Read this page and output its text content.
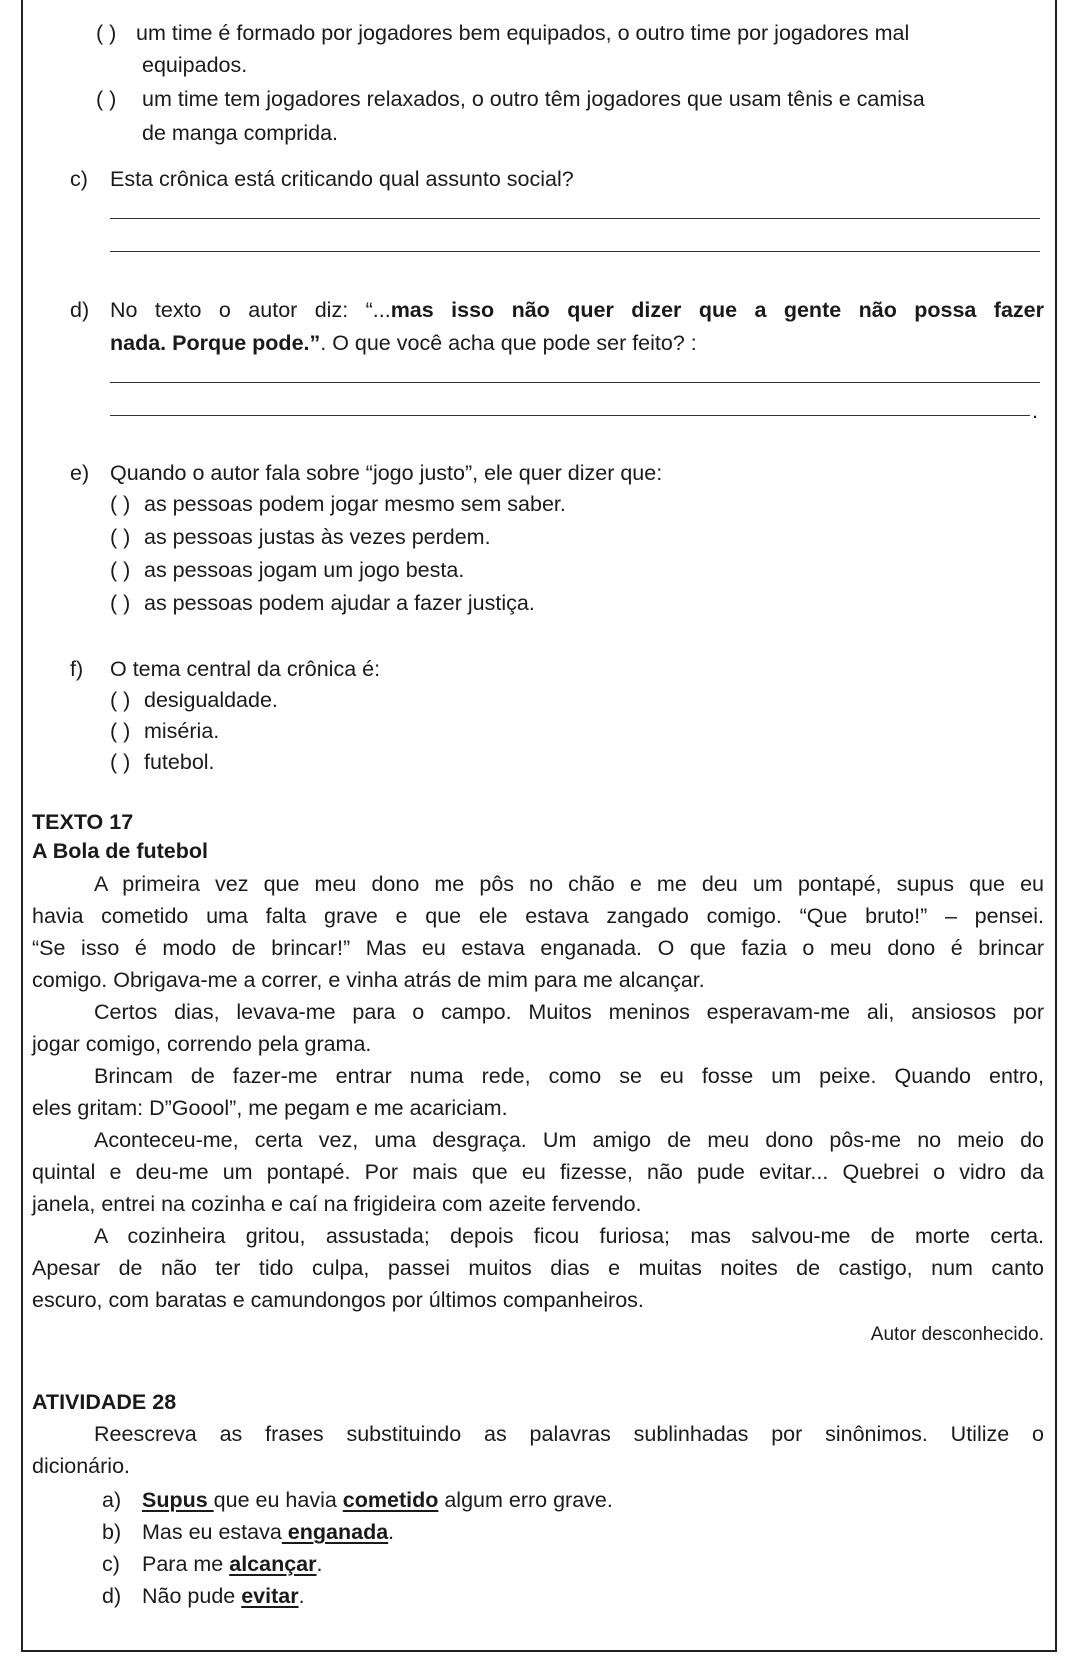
( ) um time é formado por jogadores bem equipados, o outro time por jogadores mal
equipados.
( ) um time tem jogadores relaxados, o outro têm jogadores que usam tênis e camisa
de manga comprida.
c) Esta crônica está criticando qual assunto social?
d) No texto o autor diz: “...mas isso não quer dizer que a gente não possa fazer
nada. Porque pode.”. O que você acha que pode ser feito? :
.
e) Quando o autor fala sobre “jogo justo”, ele quer dizer que:
( ) as pessoas podem jogar mesmo sem saber.
( ) as pessoas justas às vezes perdem.
( ) as pessoas jogam um jogo besta.
( ) as pessoas podem ajudar a fazer justiça.
f) O tema central da crônica é:
( ) desigualdade.
( ) miséria.
( ) futebol.
TEXTO 17
A Bola de futebol
A primeira vez que meu dono me pôs no chão e me deu um pontapé, supus que eu
havia cometido uma falta grave e que ele estava zangado comigo. “Que bruto!” – pensei.
“Se isso é modo de brincar!” Mas eu estava enganada. O que fazia o meu dono é brincar
comigo. Obrigava-me a correr, e vinha atrás de mim para me alcançar.
Certos dias, levava-me para o campo. Muitos meninos esperavam-me ali, ansiosos por
jogar comigo, correndo pela grama.
Brincam de fazer-me entrar numa rede, como se eu fosse um peixe. Quando entro,
eles gritam: D”Goool”, me pegam e me acariciam.
Aconteceu-me, certa vez, uma desgraça. Um amigo de meu dono pôs-me no meio do
quintal e deu-me um pontapé. Por mais que eu fizesse, não pude evitar... Quebrei o vidro da
janela, entrei na cozinha e caí na frigideira com azeite fervendo.
A cozinheira gritou, assustada; depois ficou furiosa; mas salvou-me de morte certa.
Apesar de não ter tido culpa, passei muitos dias e muitas noites de castigo, num canto
escuro, com baratas e camundongos por últimos companheiros.
Autor desconhecido.
ATIVIDADE 28
Reescreva as frases substituindo as palavras sublinhadas por sinônimos. Utilize o
dicionário.
a) Supus que eu havia cometido algum erro grave.
b) Mas eu estava enganada.
c) Para me alcançar.
d) Não pude evitar.
